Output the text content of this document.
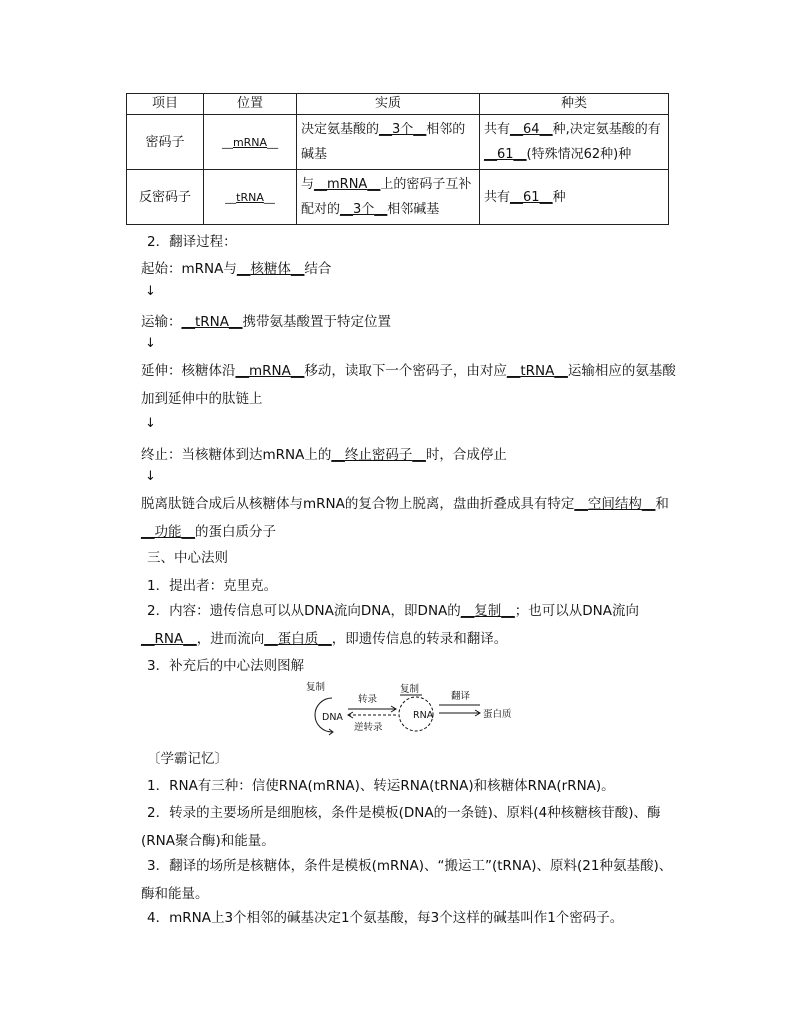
项目	位置	实质	种类
密码子	__mRNA__	决定氨基酸的__3个__相邻的碱基	共有__64__种,决定氨基酸的有__61__(特殊情况62种)种
反密码子	__tRNA__	与__mRNA__上的密码子互补配对的__3个__相邻碱基	共有__61__种
2．翻译过程：
起始：mRNA与__核糖体__结合
↓
运输：__tRNA__携带氨基酸置于特定位置
↓
延伸：核糖体沿__mRNA__移动，读取下一个密码子，由对应__tRNA__运输相应的氨基酸加到延伸中的肽链上
↓
终止：当核糖体到达mRNA上的__终止密码子__时，合成停止
↓
脱离肽链合成后从核糖体与mRNA的复合物上脱离，盘曲折叠成具有特定__空间结构__和__功能__的蛋白质分子
三、中心法则
1．提出者：克里克。
2．内容：遗传信息可以从DNA流向DNA，即DNA的__复制__；也可以从DNA流向__RNA__，进而流向__蛋白质__，即遗传信息的转录和翻译。
3．补充后的中心法则图解
复制
DNA
转录
逆转录
复制
RNA
翻译
蛋白质
〔学霸记忆〕
1．RNA有三种：信使RNA(mRNA)、转运RNA(tRNA)和核糖体RNA(rRNA)。
2．转录的主要场所是细胞核，条件是模板(DNA的一条链)、原料(4种核糖核苷酸)、酶(RNA聚合酶)和能量。
3．翻译的场所是核糖体，条件是模板(mRNA)、“搬运工”(tRNA)、原料(21种氨基酸)、酶和能量。
4．mRNA上3个相邻的碱基决定1个氨基酸，每3个这样的碱基叫作1个密码子。
